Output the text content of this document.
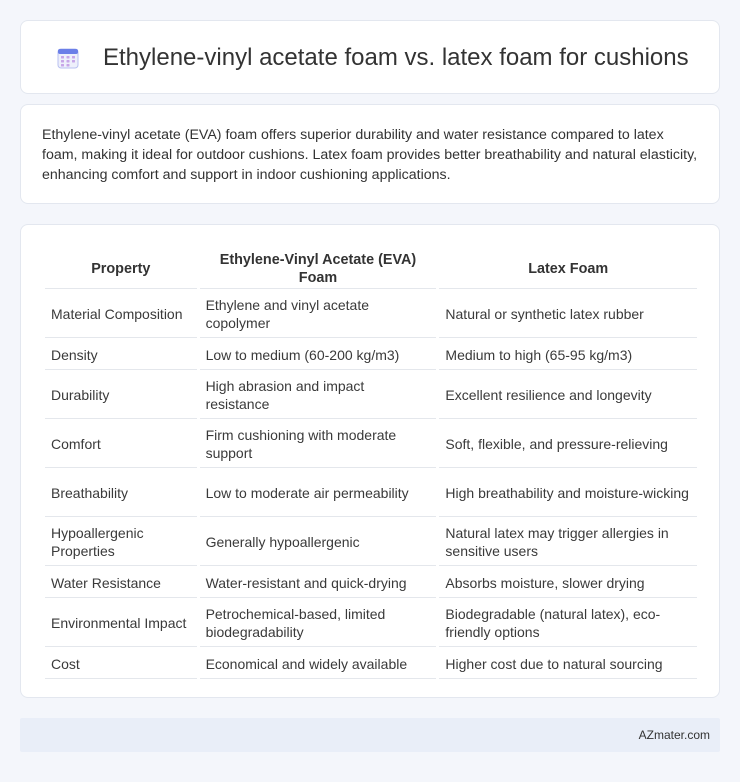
Ethylene-vinyl acetate foam vs. latex foam for cushions

Ethylene-vinyl acetate (EVA) foam offers superior durability and water resistance compared to latex foam, making it ideal for outdoor cushions. Latex foam provides better breathability and natural elasticity, enhancing comfort and support in indoor cushioning applications.

Property	Ethylene-Vinyl Acetate (EVA) Foam	Latex Foam
Material Composition	Ethylene and vinyl acetate copolymer	Natural or synthetic latex rubber
Density	Low to medium (60-200 kg/m3)	Medium to high (65-95 kg/m3)
Durability	High abrasion and impact resistance	Excellent resilience and longevity
Comfort	Firm cushioning with moderate support	Soft, flexible, and pressure-relieving
Breathability	Low to moderate air permeability	High breathability and moisture-wicking
Hypoallergenic Properties	Generally hypoallergenic	Natural latex may trigger allergies in sensitive users
Water Resistance	Water-resistant and quick-drying	Absorbs moisture, slower drying
Environmental Impact	Petrochemical-based, limited biodegradability	Biodegradable (natural latex), eco-friendly options
Cost	Economical and widely available	Higher cost due to natural sourcing
AZmater.com
